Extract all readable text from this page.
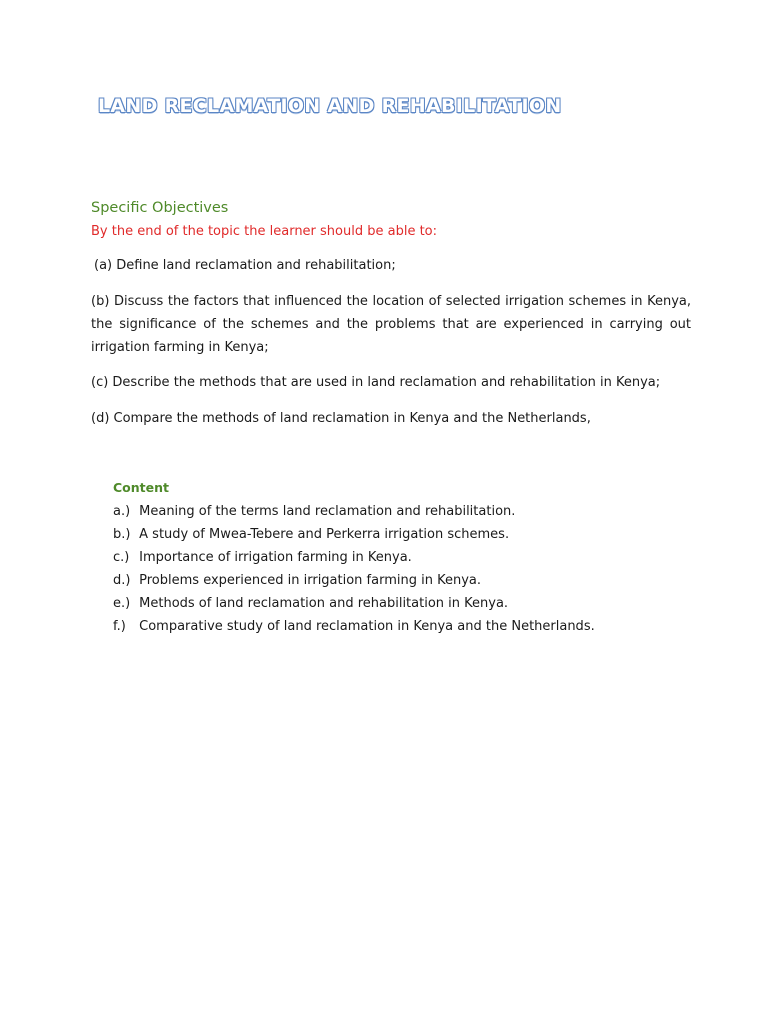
LAND RECLAMATION AND REHABILITATION
Specific Objectives
By the end of the topic the learner should be able to:
(a) Define land reclamation and rehabilitation;
(b) Discuss the factors that influenced the location of selected irrigation schemes in Kenya, the significance of the schemes and the problems that are experienced in carrying out irrigation farming in Kenya;
(c) Describe the methods that are used in land reclamation and rehabilitation in Kenya;
(d) Compare the methods of land reclamation in Kenya and the Netherlands,
Content
a.) Meaning of the terms land reclamation and rehabilitation.
b.) A study of Mwea-Tebere and Perkerra irrigation schemes.
c.) Importance of irrigation farming in Kenya.
d.) Problems experienced in irrigation farming in Kenya.
e.) Methods of land reclamation and rehabilitation in Kenya.
f.) Comparative study of land reclamation in Kenya and the Netherlands.
